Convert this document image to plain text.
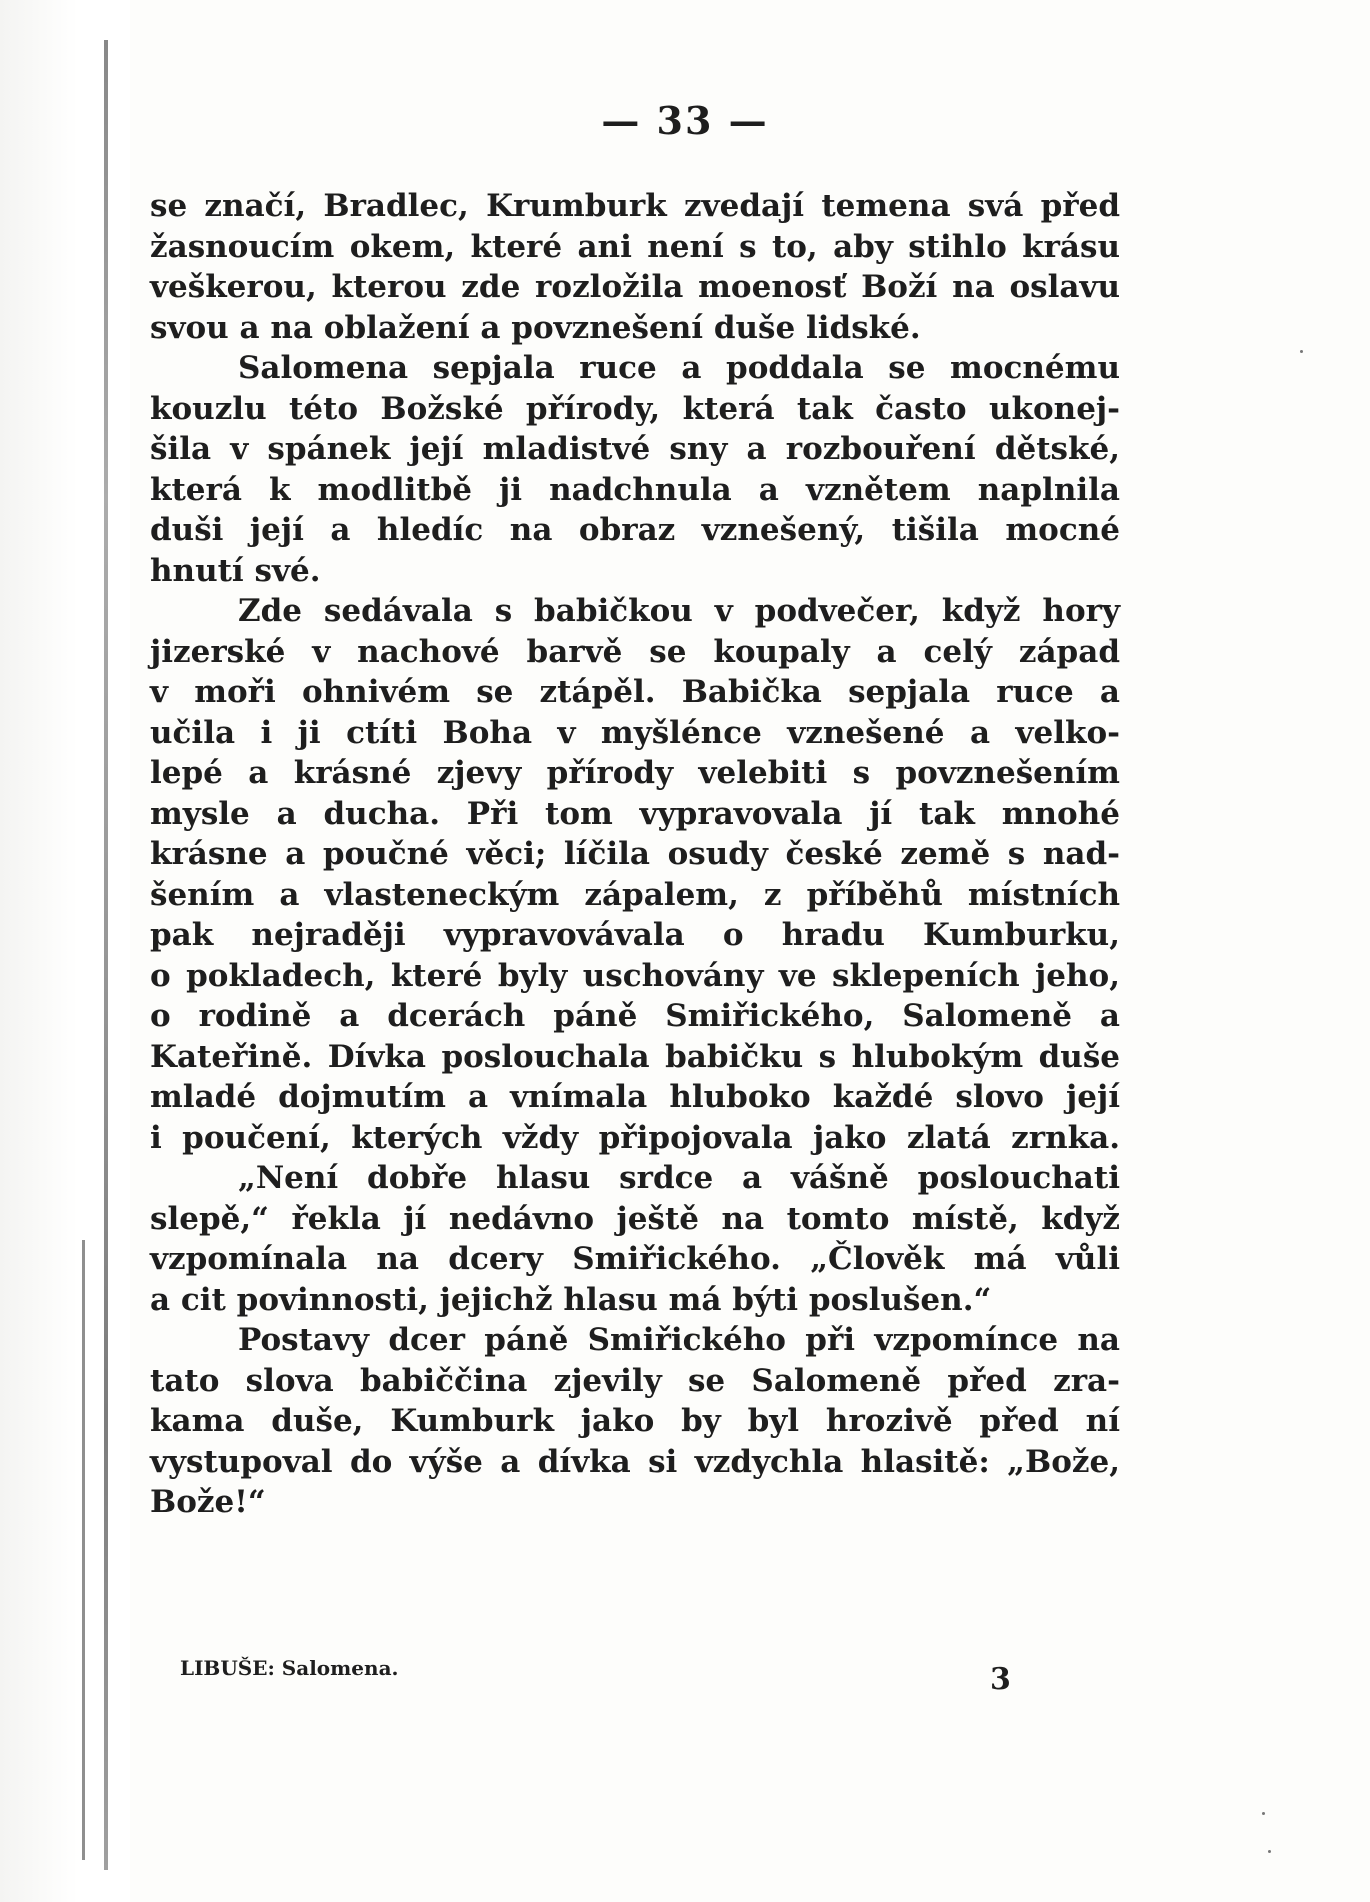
— 33 —
se značí, Bradlec, Krumburk zvedají temena svá před
žasnoucím okem, které ani není s to, aby stihlo krásu
veškerou, kterou zde rozložila moenosť Boží na oslavu
svou a na oblažení a povznešení duše lidské.
Salomena sepjala ruce a poddala se mocnému
kouzlu této Božské přírody, která tak často ukonej-
šila v spánek její mladistvé sny a rozbouření dětské,
která k modlitbě ji nadchnula a vznětem naplnila
duši její a hledíc na obraz vznešený, tišila mocné
hnutí své.
Zde sedávala s babičkou v podvečer, když hory
jizerské v nachové barvě se koupaly a celý západ
v moři ohnivém se ztápěl. Babička sepjala ruce a
učila i ji ctíti Boha v myšlénce vznešené a velko-
lepé a krásné zjevy přírody velebiti s povznešením
mysle a ducha. Při tom vypravovala jí tak mnohé
krásne a poučné věci; líčila osudy české země s nad-
šením a vlasteneckým zápalem, z příběhů místních
pak nejraději vypravovávala o hradu Kumburku,
o pokladech, které byly uschovány ve sklepeních jeho,
o rodině a dcerách páně Smiřického, Salomeně a
Kateřině. Dívka poslouchala babičku s hlubokým duše
mladé dojmutím a vnímala hluboko každé slovo její
i poučení, kterých vždy připojovala jako zlatá zrnka.
„Není dobře hlasu srdce a vášně poslouchati
slepě,“ řekla jí nedávno ještě na tomto místě, když
vzpomínala na dcery Smiřického. „Člověk má vůli
a cit povinnosti, jejichž hlasu má býti poslušen.“
Postavy dcer páně Smiřického při vzpomínce na
tato slova babiččina zjevily se Salomeně před zra-
kama duše, Kumburk jako by byl hrozivě před ní
vystupoval do výše a dívka si vzdychla hlasitě: „Bože,
Bože!“
LIBUŠE: Salomena.	3
